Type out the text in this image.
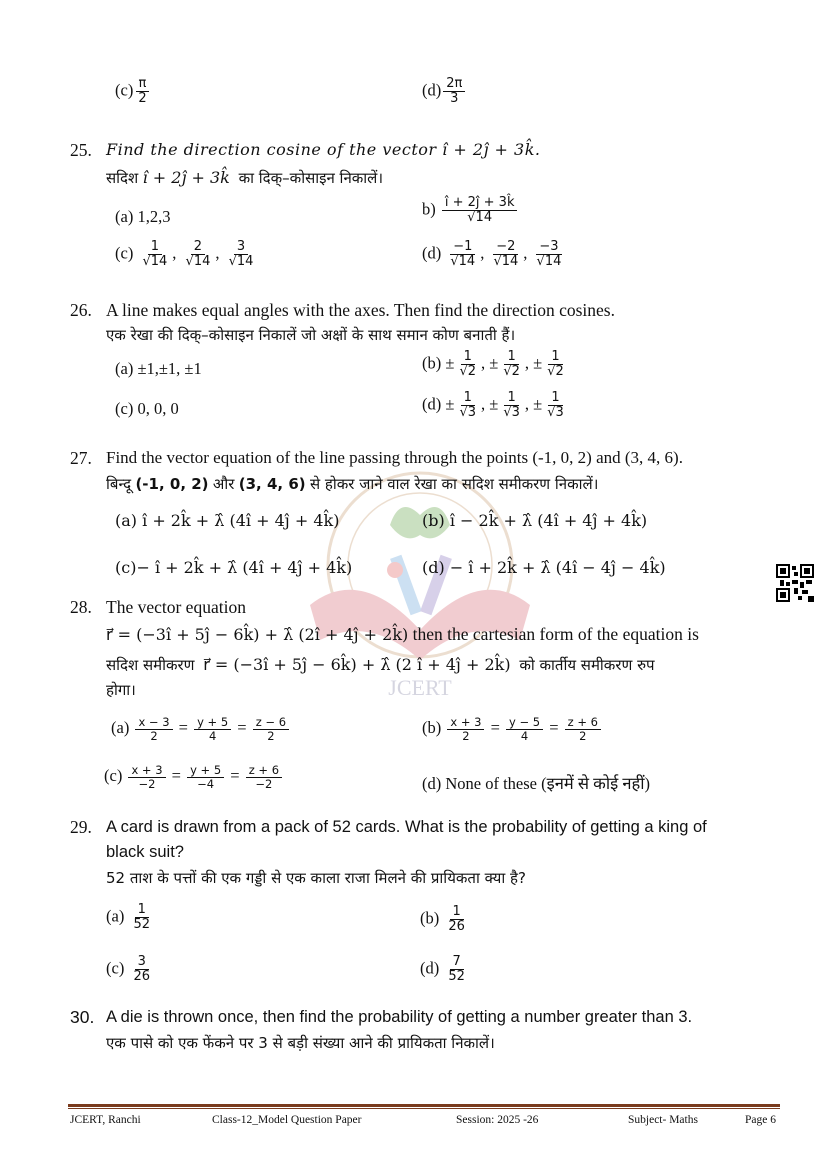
JCERT
$(c) \frac{\pi}{2}$	$(d) \frac{2\pi}{3}$
25. Find the direction cosine of the vector î + 2ĵ + 3k̂.
सदिश î + 2ĵ + 3k̂ का दिक्–कोसाइन निकालें।
(a) 1,2,3	$b) \frac{î + 2ĵ + 3k̂}{√14}$
$(c) \frac{1}{√14}$ , $\frac{2}{√14}$ , $\frac{3}{√14}$	$(d) \frac{-1}{√14}$ , $\frac{-2}{√14}$ , $\frac{-3}{√14}$
26. A line makes equal angles with the axes. Then find the direction cosines.
एक रेखा की दिक्–कोसाइन निकालें जो अक्षों के साथ समान कोण बनाती हैं।
(a) ±1,±1, ±1	$(b) \pm \frac{1}{√2}$ , ± $\frac{1}{√2}$ , ± $\frac{1}{√2}$
(c) 0, 0, 0	$(d) \pm \frac{1}{√3}$ , ± $\frac{1}{√3}$ , ± $\frac{1}{√3}$
27. Find the vector equation of the line passing through the points (-1, 0, 2) and (3, 4, 6).
बिन्दू (-1, 0, 2) और (3, 4, 6) से होकर जाने वाल रेखा का सदिश समीकरण निकालें।
(a) î + 2k̂ + λ̂ (4î + 4ĵ + 4k̂)	(b) î − 2k̂ + λ̂ (4î + 4ĵ + 4k̂)
(c)− î + 2k̂ + λ̂ (4î + 4ĵ + 4k̂)	(d) − î + 2k̂ + λ̂ (4î − 4ĵ − 4k̂)
28. The vector equation
r⃗ = (−3î + 5ĵ − 6k̂) + λ̂ (2î + 4ĵ + 2k̂) then the cartesian form of the equation is
सदिश समीकरण r⃗ = (−3î + 5ĵ − 6k̂) + λ̂ (2 î + 4ĵ + 2k̂) को कार्तीय समीकरण रुप
होगा।
$(a) \frac{x - 3}{2} = \frac{y + 5}{4} = \frac{z - 6}{2}$	$(b) \frac{x + 3}{2} = \frac{y - 5}{4} = \frac{z + 6}{2}$
$(c) \frac{x + 3}{-2} = \frac{y + 5}{-4} = \frac{z + 6}{-2}$	(d) None of these (इनमें से कोई नहीं)
29. A card is drawn from a pack of 52 cards. What is the probability of getting a king of
black suit?
52 ताश के पत्तों की एक गड्डी से एक काला राजा मिलने की प्रायिकता क्या है?
$(a) \frac{1}{52}$	$(b) \frac{1}{26}$
$(c) \frac{3}{26}$	$(d) \frac{7}{52}$
30. A die is thrown once, then find the probability of getting a number greater than 3.
एक पासे को एक फेंकने पर 3 से बड़ी संख्या आने की प्रायिकता निकालें।
JCERT, Ranchi	Class-12_Model Question Paper	Session: 2025 -26	Subject- Maths	Page 6
